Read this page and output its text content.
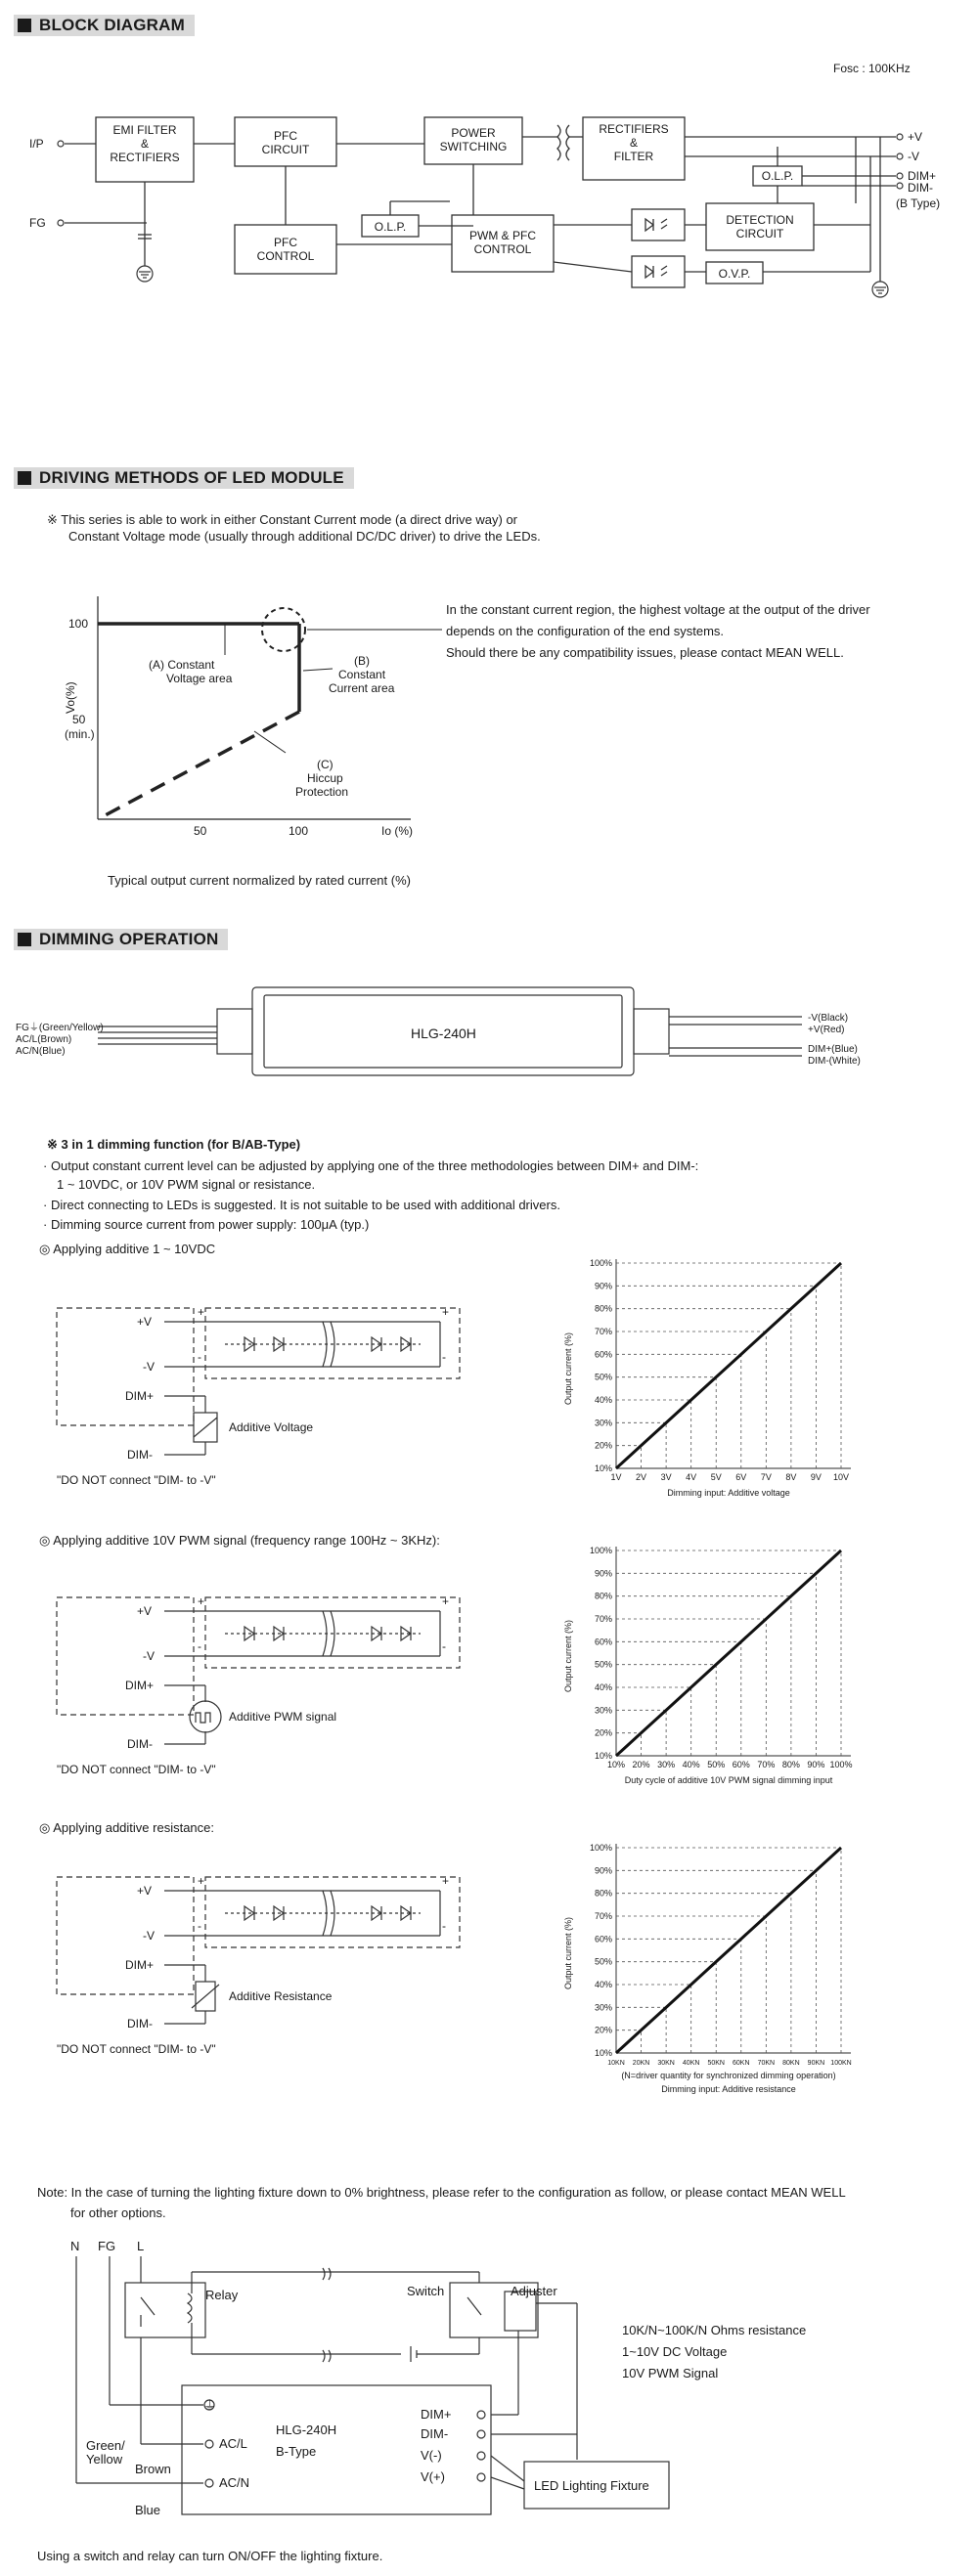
BLOCK DIAGRAM
DRIVING METHODS OF LED MODULE
DIMMING OPERATION
EMI FILTER
&
RECTIFIERS
PFC
CIRCUIT
POWER
SWITCHING
RECTIFIERS
&
FILTER
PFC
CONTROL
O.L.P.
PWM & PFC
CONTROL
DETECTION
CIRCUIT
O.L.P.
O.V.P.
Fosc : 100KHz
I/P
FG
+V
-V
DIM+
DIM-
(B Type)
※ This series is able to work in either Constant Current mode (a direct drive way) or
Constant Voltage mode (usually through additional DC/DC driver) to drive the LEDs.
In the constant current region, the highest voltage at the output of the driver
depends on the configuration of the end systems.
Should there be any compatibility issues, please contact MEAN WELL.
Typical output current normalized by rated current (%)
Vo(%)
100
50
(min.)
50	100	Io (%)
(A) Constant
Voltage area
(B)
Constant
Current area
(C)
Hiccup
Protection
HLG-240H
FG⏚(Green/Yellow)
AC/L(Brown)
AC/N(Blue)
-V(Black)
+V(Red)
DIM+(Blue)
DIM-(White)
※ 3 in 1 dimming function (for B/AB-Type)
· Output constant current level can be adjusted by applying one of the three methodologies between DIM+ and DIM-:
1 ~ 10VDC, or 10V PWM signal or resistance.
· Direct connecting to LEDs is suggested. It is not suitable to be used with additional drivers.
· Dimming source current from power supply: 100μA (typ.)
◎ Applying additive 1 ~ 10VDC
◎ Applying additive 10V PWM signal (frequency range 100Hz ~ 3KHz):
◎ Applying additive resistance:
+V
-V
DIM+
DIM-
+
-
+
-
Additive Voltage
"DO NOT connect "DIM- to -V"
+V
-V
DIM+
DIM-
+
-
+
-
Additive PWM signal
"DO NOT connect "DIM- to -V"
+V
-V
DIM+
DIM-
+
-
+
-
Additive Resistance
"DO NOT connect "DIM- to -V"
10%
20%
30%
40%
50%
60%
70%
80%
90%
100%
1V 2V 3V 4V 5V 6V 7V 8V 9V 10V
Output current (%)
Dimming input: Additive voltage
10%
20%
30%
40%
50%
60%
70%
80%
90%
100%
10% 20% 30% 40% 50% 60% 70% 80% 90% 100%
Output current (%)
Duty cycle of additive 10V PWM signal dimming input
10%
20%
30%
40%
50%
60%
70%
80%
90%
100%
10KN 20KN 30KN 40KN 50KN 60KN 70KN 80KN 90KN 100KN
Output current (%)
(N=driver quantity for synchronized dimming operation)
Dimming input: Additive resistance
Note: In the case of turning the lighting fixture down to 0% brightness, please refer to the configuration as follow, or please contact MEAN WELL
for other options.
Using a switch and relay can turn ON/OFF the lighting fixture.
N FG L
Relay	Switch	Adjuster
10K/N~100K/N Ohms resistance
1~10V DC Voltage
10V PWM Signal
Green/
Yellow
Brown
Blue
HLG-240H
B-Type
⏚
AC/L
AC/N
DIM+
DIM-
V(-)
V(+)
LED Lighting Fixture
